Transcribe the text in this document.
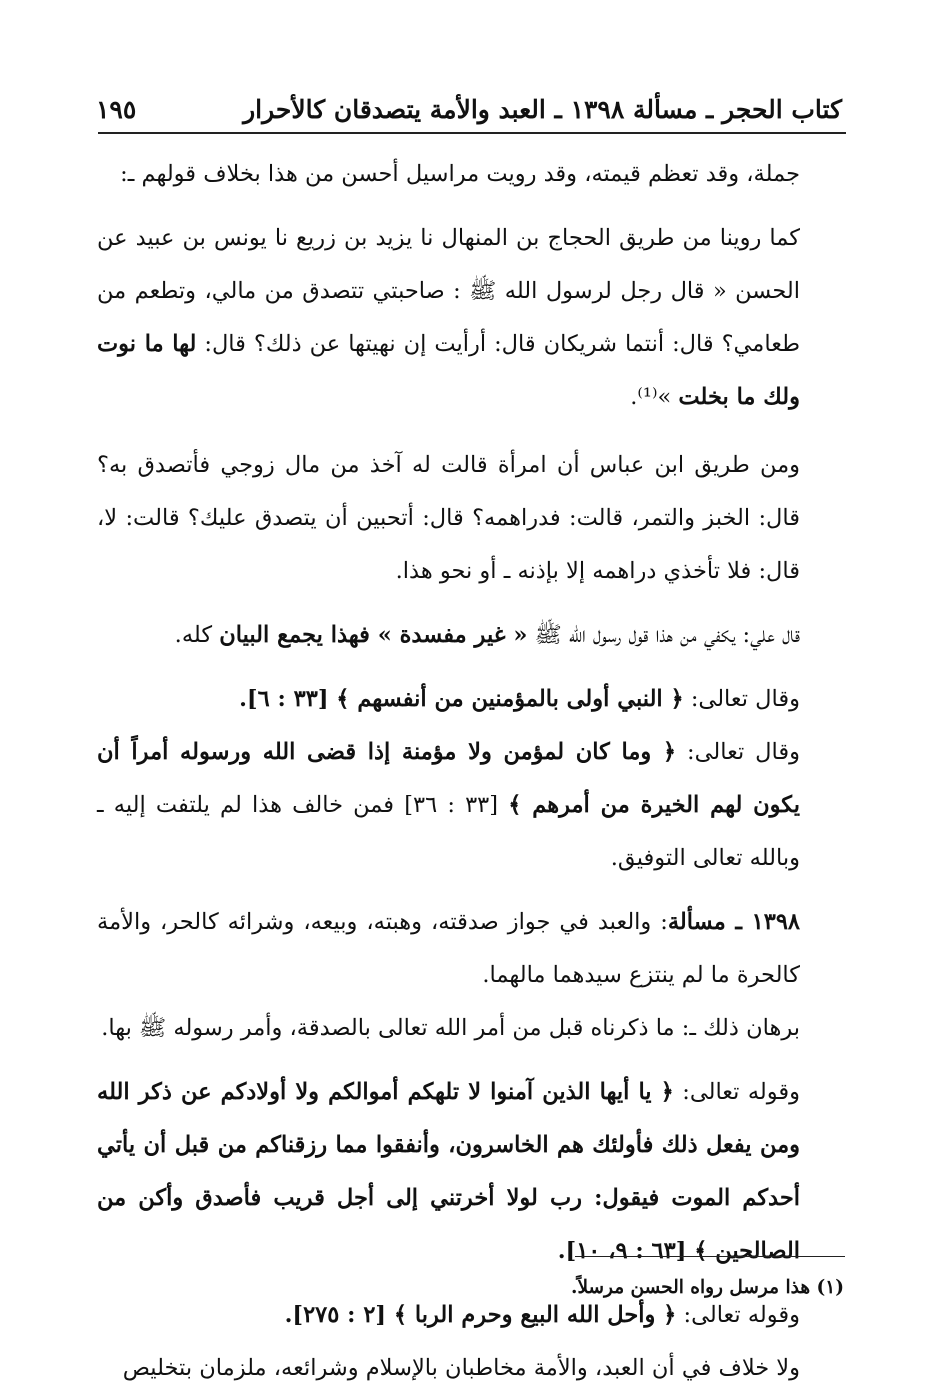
كتاب الحجر ـ مسألة ١٣٩٨ ـ العبد والأمة يتصدقان كالأحرار
١٩٥

جملة، وقد تعظم قيمته، وقد رويت مراسيل أحسن من هذا بخلاف قولهم ـ:

كما روينا من طريق الحجاج بن المنهال نا يزيد بن زريع نا يونس بن عبيد عن الحسن « قال رجل لرسول الله ﷺ : صاحبتي تتصدق من مالي، وتطعم من طعامي؟ قال: أنتما شريكان قال: أرأيت إن نهيتها عن ذلك؟ قال: لها ما نوت ولك ما بخلت »⁽¹⁾.

ومن طريق ابن عباس أن امرأة قالت له آخذ من مال زوجي فأتصدق به؟ قال: الخبز والتمر، قالت: فدراهمه؟ قال: أتحبين أن يتصدق عليك؟ قالت: لا، قال: فلا تأخذي دراهمه إلا بإذنه ـ أو نحو هذا.

قال علي: يكفي من هذا قول رسول الله ﷺ « غير مفسدة » فهذا يجمع البيان كله.

وقال تعالى: ﴿ النبي أولى بالمؤمنين من أنفسهم ﴾ [٣٣ : ٦].

وقال تعالى: ﴿ وما كان لمؤمن ولا مؤمنة إذا قضى الله ورسوله أمراً أن يكون لهم الخيرة من أمرهم ﴾ [٣٣ : ٣٦] فمن خالف هذا لم يلتفت إليه ـ وبالله تعالى التوفيق.

١٣٩٨ ـ مسألة: والعبد في جواز صدقته، وهبته، وبيعه، وشرائه كالحر، والأمة كالحرة ما لم ينتزع سيدهما مالهما.

برهان ذلك ـ: ما ذكرناه قبل من أمر الله تعالى بالصدقة، وأمر رسوله ﷺ بها.

وقوله تعالى: ﴿ يا أيها الذين آمنوا لا تلهكم أموالكم ولا أولادكم عن ذكر الله ومن يفعل ذلك فأولئك هم الخاسرون، وأنفقوا مما رزقناكم من قبل أن يأتي أحدكم الموت فيقول: رب لولا أخرتني إلى أجل قريب فأصدق وأكن من الصالحين ﴾ [٦٣ : ٩، ١٠].

وقوله تعالى: ﴿ وأحل الله البيع وحرم الربا ﴾ [٢ : ٢٧٥].

ولا خلاف في أن العبد، والأمة مخاطبان بالإسلام وشرائعه، ملزمان بتخليص

(١) هذا مرسل رواه الحسن مرسلاً.
